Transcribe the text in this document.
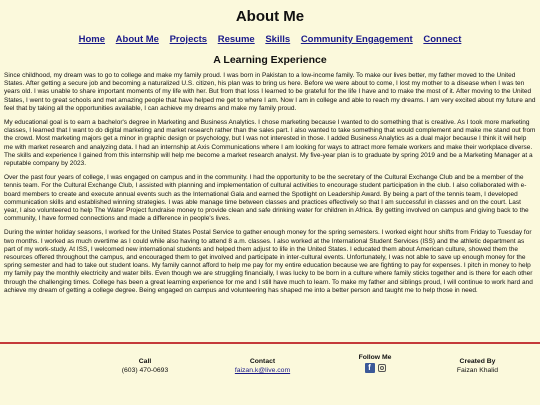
About Me
Home About Me Projects Resume Skills Community Engagement Connect
A Learning Experience

Since childhood, my dream was to go to college and make my family proud. I was born in Pakistan to a low-income family. To make our lives better, my father moved to the United States. After getting a secure job and becoming a naturalized U.S. citizen, his plan was to bring us here. Before we were about to come, I lost my mother to a disease when I was ten years old. I was unable to share important moments of my life with her. But from that loss I learned to be grateful for the life I have and to make the most of it. After moving to the United States, I went to great schools and met amazing people that have helped me get to where I am. Now I am in college and able to reach my dreams. I am very excited about my future and feel that by taking all the opportunities available, I can achieve my dreams and make my family proud.

My educational goal is to earn a bachelor's degree in Marketing and Business Analytics. I chose marketing because I wanted to do something that is creative. As I took more marketing classes, I learned that I want to do digital marketing and market research rather than the sales part. I also wanted to take something that would complement and make me stand out from the crowd. Most marketing majors get a minor in graphic design or psychology, but I was not interested in those. I added Business Analytics as a dual major because I think it will help me with market research and analyzing data. I had an internship at Axis Communications where I am looking for ways to attract more female workers and make their workplace diverse. The skills and experience I gained from this internship will help me become a market research analyst. My five-year plan is to graduate by spring 2019 and be a Marketing Manager at a reputable company by 2023.

Over the past four years of college, I was engaged on campus and in the community. I had the opportunity to be the secretary of the Cultural Exchange Club and be a member of the tennis team. For the Cultural Exchange Club, I assisted with planning and implementation of cultural activities to encourage student participation in the club. I also collaborated with e-board members to create and execute annual events such as the International Gala and earned the Spotlight on Leadership Award. By being a part of the tennis team, I developed communication skills and established winning strategies. I was able manage time between classes and practices effectively so that I am successful in classes and on the court. Last year, I also volunteered to help The Water Project fundraise money to provide clean and safe drinking water for children in Africa. By getting involved on campus and giving back to the community, I have formed connections and made a difference in people's lives.

During the winter holiday seasons, I worked for the United States Postal Service to gather enough money for the spring semesters. I worked eight hour shifts from Friday to Tuesday for two months. I worked as much overtime as I could while also having to attend 8 a.m. classes. I also worked at the International Student Services (ISS) and the athletic department as part of my work-study. At ISS, I welcomed new international students and helped them adjust to life in the United States. I educated them about American culture, showed them the resources offered throughout the campus, and encouraged them to get involved and participate in inter-cultural events. Unfortunately, I was not able to save up enough money for the spring semester and had to take out student loans. My family cannot afford to help me pay for my entire education because we are fighting to pay for expenses. I pitch in money to help my family pay the monthly electricity and water bills. Even though we are struggling financially, I was lucky to be born in a culture where family sticks together and is there for each other through the challenging times. College has been a great learning experience for me and I still have much to learn. To make my father and siblings proud, I will continue to work hard and achieve my dream of getting a college degree. Being engaged on campus and volunteering has shaped me into a better person and taught me to help those in need.

Call
(603) 470-0693
Contact
faizan.k@live.com
Follow Me
f
Created By
Faizan Khalid
